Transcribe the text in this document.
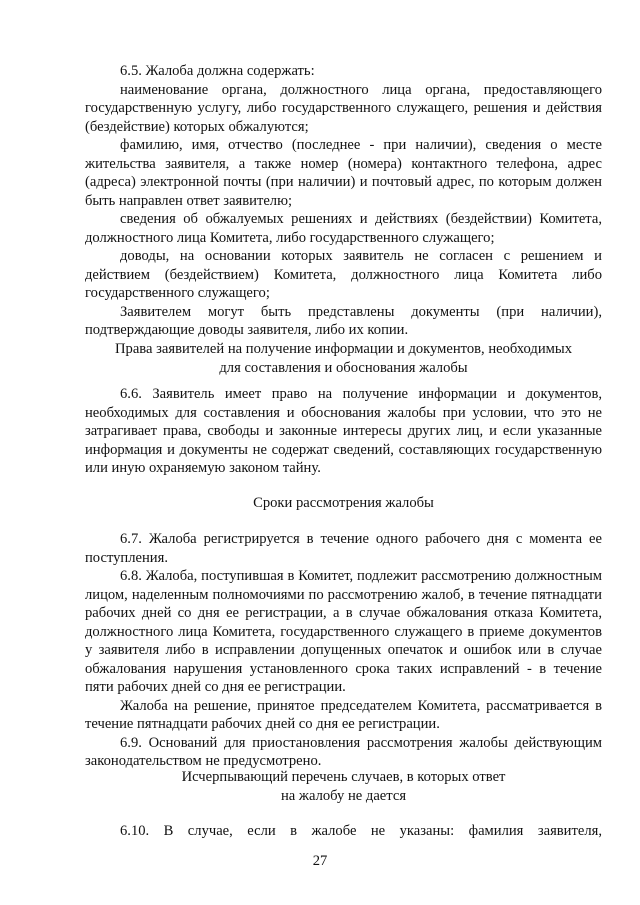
6.5. Жалоба должна содержать:

наименование органа, должностного лица органа, предоставляющего государственную услугу, либо государственного служащего, решения и действия (бездействие) которых обжалуются;

фамилию, имя, отчество (последнее - при наличии), сведения о месте жительства заявителя, а также номер (номера) контактного телефона, адрес (адреса) электронной почты (при наличии) и почтовый адрес, по которым должен быть направлен ответ заявителю;

сведения об обжалуемых решениях и действиях (бездействии) Комитета, должностного лица Комитета, либо государственного служащего;

доводы, на основании которых заявитель не согласен с решением и действием (бездействием) Комитета, должностного лица Комитета либо государственного служащего;

Заявителем могут быть представлены документы (при наличии), подтверждающие доводы заявителя, либо их копии.

Права заявителей на получение информации и документов, необходимых
для составления и обоснования жалобы

6.6. Заявитель имеет право на получение информации и документов, необходимых для составления и обоснования жалобы при условии, что это не затрагивает права, свободы и законные интересы других лиц, и если указанные информация и документы не содержат сведений, составляющих государственную или иную охраняемую законом тайну.

Сроки рассмотрения жалобы

6.7. Жалоба регистрируется в течение одного рабочего дня с момента ее поступления.

6.8. Жалоба, поступившая в Комитет, подлежит рассмотрению должностным лицом, наделенным полномочиями по рассмотрению жалоб, в течение пятнадцати рабочих дней со дня ее регистрации, а в случае обжалования отказа Комитета, должностного лица Комитета, государственного служащего в приеме документов у заявителя либо в исправлении допущенных опечаток и ошибок или в случае обжалования нарушения установленного срока таких исправлений - в течение пяти рабочих дней со дня ее регистрации.

Жалоба на решение, принятое председателем Комитета, рассматривается в течение пятнадцати рабочих дней со дня ее регистрации.

6.9. Оснований для приостановления рассмотрения жалобы действующим законодательством не предусмотрено.

Исчерпывающий перечень случаев, в которых ответ
на жалобу не дается

6.10. В случае, если в жалобе не указаны: фамилия заявителя,

27
